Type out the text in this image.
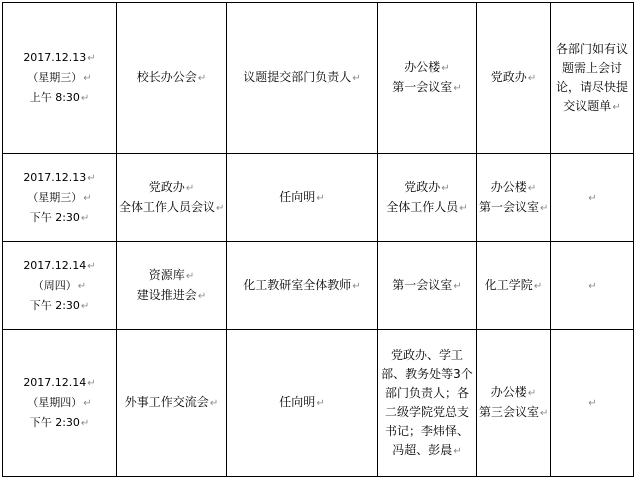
2017.12.13↵
（星期三）↵
上午 8:30↵	校长办公会↵	议题提交部门负责人↵	办公楼↵
第一会议室↵	党政办↵	各部门如有议题需上会讨论，请尽快提交议题单↵

2017.12.13↵
（星期三）↵
下午 2:30↵	党政办↵
全体工作人员会议↵	任向明↵	党政办↵
全体工作人员↵	办公楼↵
第一会议室↵	↵

2017.12.14↵
（周四）↵
下午 2:30↵	资源库↵
建设推进会↵	化工教研室全体教师↵	第一会议室↵	化工学院↵	↵

2017.12.14↵
（星期四）↵
下午 2:30↵	外事工作交流会↵	任向明↵	党政办、学工部、教务处等3个部门负责人；各二级学院党总支书记；李炜怿、冯超、彭晨↵	办公楼↵
第三会议室↵	↵
